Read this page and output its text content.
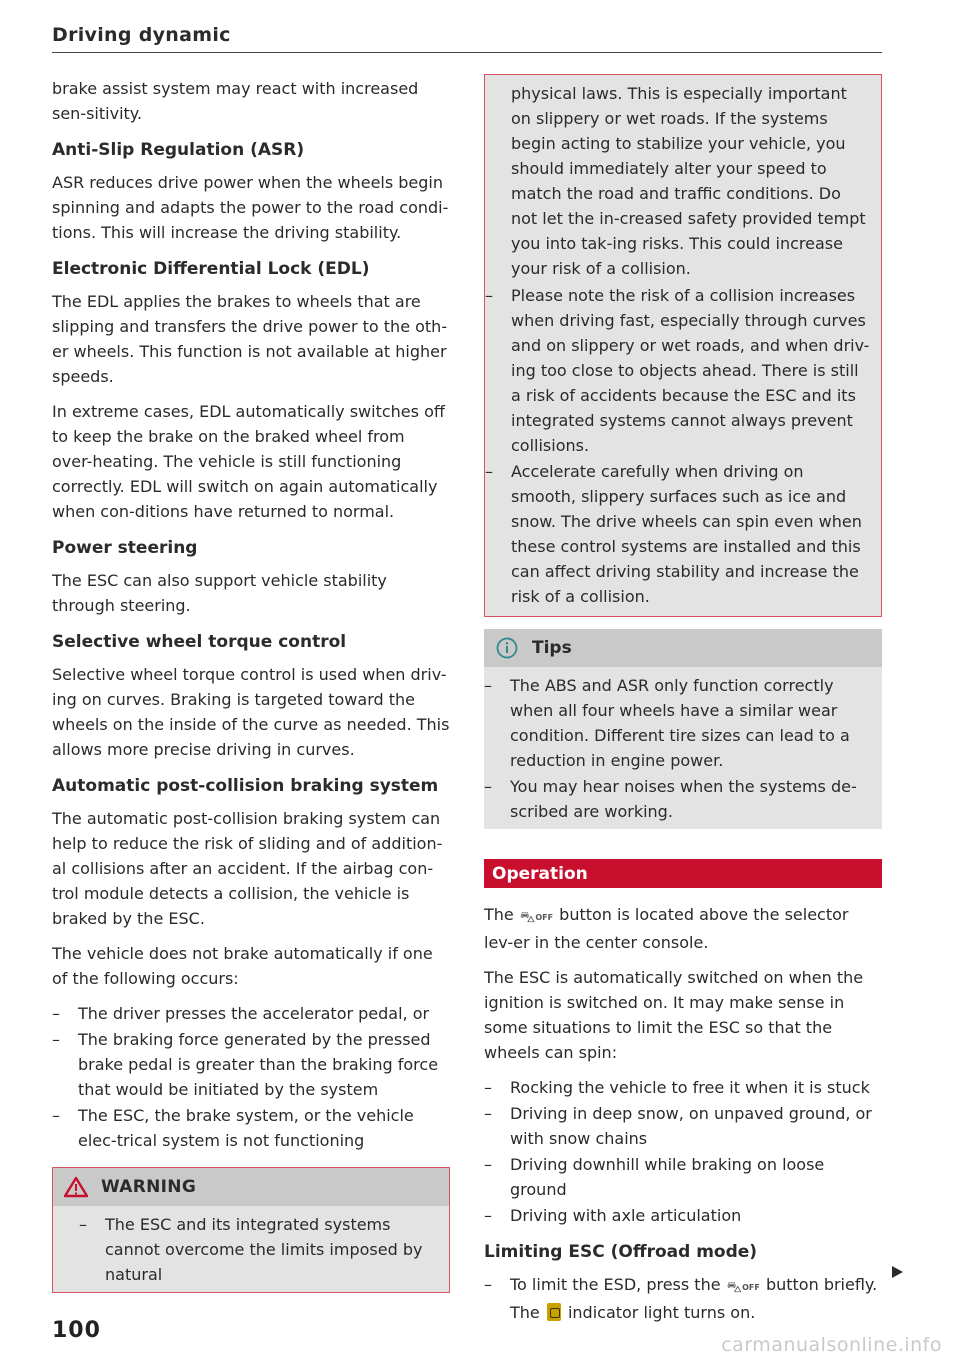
Driving dynamic

brake assist system may react with increased sen-sitivity.

Anti-Slip Regulation (ASR)

ASR reduces drive power when the wheels begin spinning and adapts the power to the road condi-tions. This will increase the driving stability.

Electronic Differential Lock (EDL)

The EDL applies the brakes to wheels that are slipping and transfers the drive power to the oth-er wheels. This function is not available at higher speeds.

In extreme cases, EDL automatically switches off to keep the brake on the braked wheel from over-heating. The vehicle is still functioning correctly. EDL will switch on again automatically when con-ditions have returned to normal.

Power steering

The ESC can also support vehicle stability through steering.

Selective wheel torque control

Selective wheel torque control is used when driv-ing on curves. Braking is targeted toward the wheels on the inside of the curve as needed. This allows more precise driving in curves.

Automatic post-collision braking system

The automatic post-collision braking system can help to reduce the risk of sliding and of addition-al collisions after an accident. If the airbag con-trol module detects a collision, the vehicle is braked by the ESC.

The vehicle does not brake automatically if one of the following occurs:

– The driver presses the accelerator pedal, or
– The braking force generated by the pressed brake pedal is greater than the braking force that would be initiated by the system
– The ESC, the brake system, or the vehicle elec-trical system is not functioning
WARNING
– The ESC and its integrated systems cannot overcome the limits imposed by natural

physical laws. This is especially important on slippery or wet roads. If the systems begin acting to stabilize your vehicle, you should immediately alter your speed to match the road and traffic conditions. Do not let the in-creased safety provided tempt you into tak-ing risks. This could increase your risk of a collision.

– Please note the risk of a collision increases when driving fast, especially through curves and on slippery or wet roads, and when driv-ing too close to objects ahead. There is still a risk of accidents because the ESC and its integrated systems cannot always prevent collisions.
– Accelerate carefully when driving on smooth, slippery surfaces such as ice and snow. The drive wheels can spin even when these control systems are installed and this can affect driving stability and increase the risk of a collision.
Tips
– The ABS and ASR only function correctly when all four wheels have a similar wear condition. Different tire sizes can lead to a reduction in engine power.
– You may hear noises when the systems de-scribed are working.
Operation

The ⛍OFF button is located above the selector lev-er in the center console.

The ESC is automatically switched on when the ignition is switched on. It may make sense in some situations to limit the ESC so that the wheels can spin:

– Rocking the vehicle to free it when it is stuck
– Driving in deep snow, on unpaved ground, or with snow chains
– Driving downhill while braking on loose ground
– Driving with axle articulation
Limiting ESC (Offroad mode)
– To limit the ESD, press the ⛍OFF button briefly. The indicator light turns on.
100
carmanualsonline.info
